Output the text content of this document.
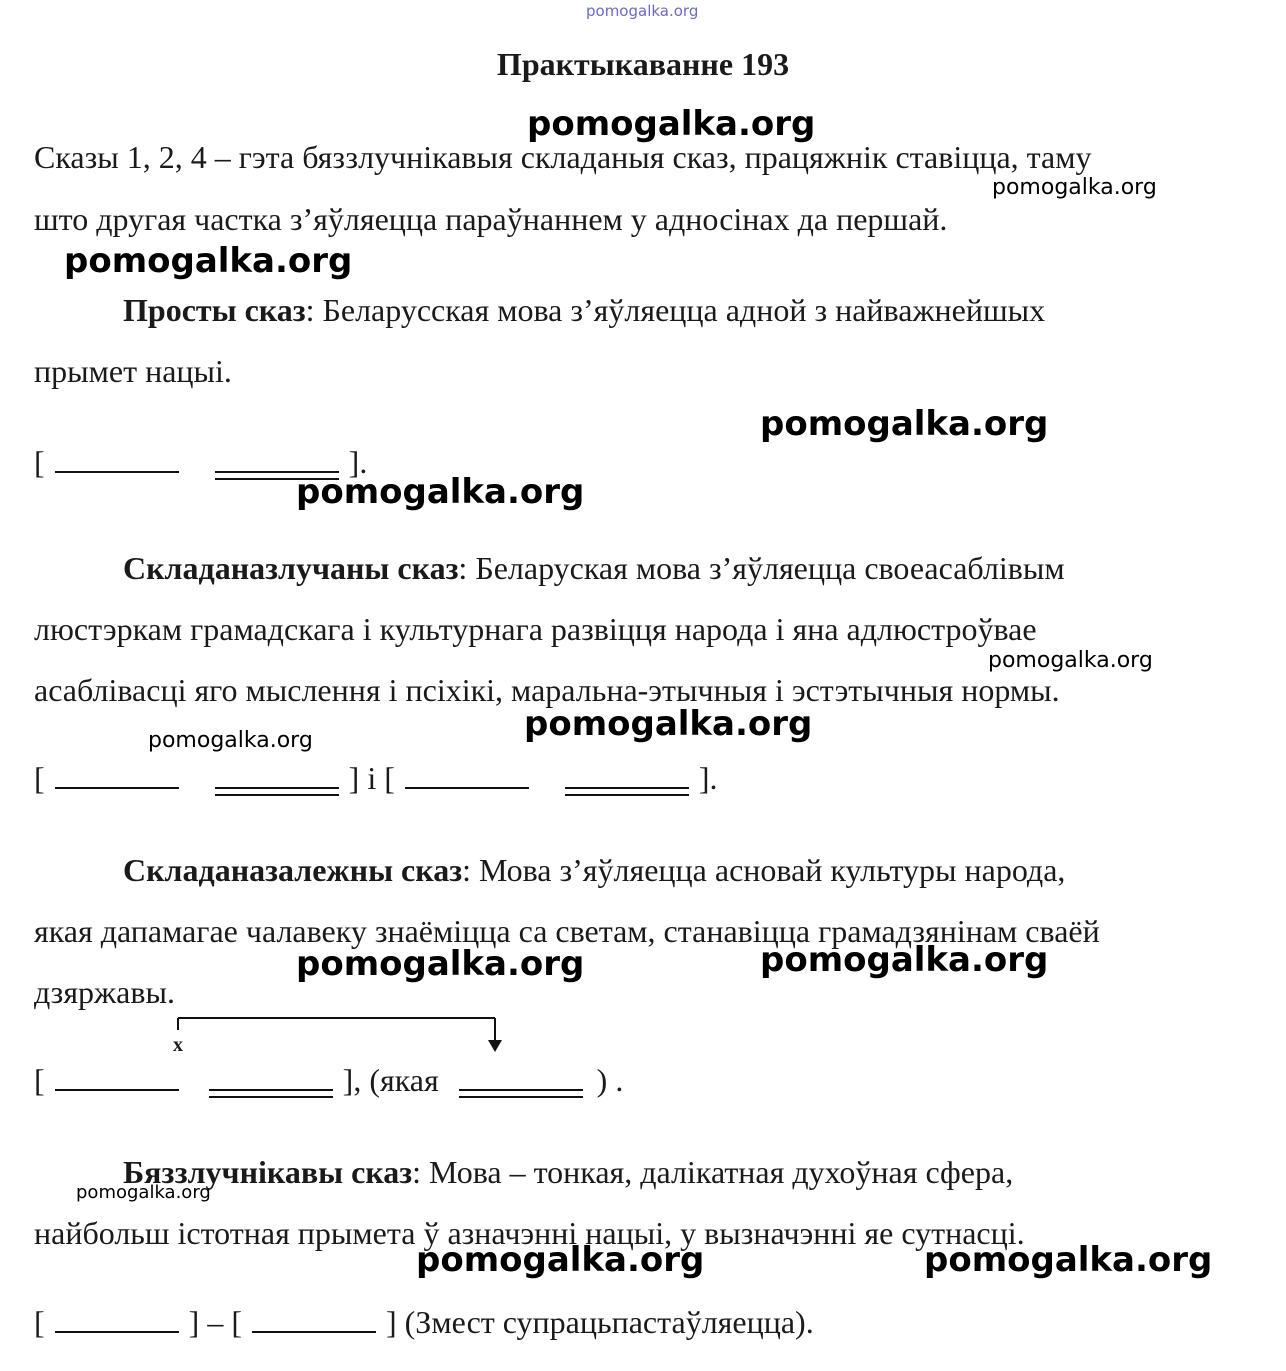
pomogalka.org
Практыкаванне 193
pomogalka.org
pomogalka.org
pomogalka.org
pomogalka.org
pomogalka.org
pomogalka.org
pomogalka.org
pomogalka.org
pomogalka.org	pomogalka.org
pomogalka.org
pomogalka.org	pomogalka.org
Сказы 1, 2, 4 – гэта бяззлучнікавыя складаныя сказ, працяжнік ставіцца, таму
што другая частка з’яўляецца параўнаннем у адносінах да першай.
Просты сказ: Беларусская мова з’яўляецца адной з найважнейшых
прымет нацыі.
[	].
Складаназлучаны сказ: Беларуская мова з’яўляецца своеасаблівым
люстэркам грамадскага і культурнага развіцця народа і яна адлюстроўвае
асаблівасці яго мыслення і псіхікі, маральна-этычныя і эстэтычныя нормы.
[	] і [	].
Складаназалежны сказ: Мова з’яўляецца асновай культуры народа,
якая дапамагае чалавеку знаёміцца са светам, станавіцца грамадзянінам сваёй
дзяржавы.
x
[	], (якая	) .
Бяззлучнікавы сказ: Мова – тонкая, далікатная духоўная сфера,
найбольш істотная прымета ў азначэнні нацыі, у вызначэнні яе сутнасці.
[	] – [	] (Змест супрацьпастаўляецца).
